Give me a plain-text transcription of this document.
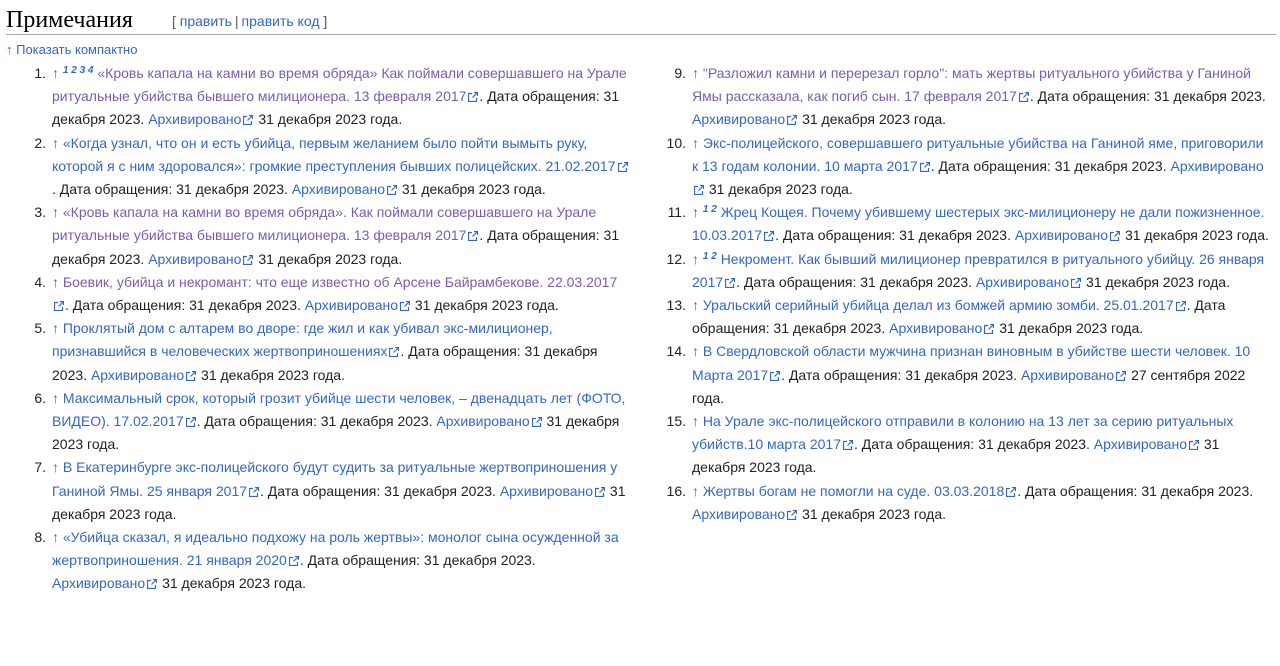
Примечания	[ править | править код ]
↑ Показать компактно
1. ↑ $^{1 2 3 4}$ «Кровь капала на камни во время обряда» Как поймали совершавшего на Урале ритуальные убийства бывшего милиционера. 13 февраля 2017 . Дата обращения: 31 декабря 2023. Архивировано 31 декабря 2023 года.
2. ↑ «Когда узнал, что он и есть убийца, первым желанием было пойти вымыть руку, которой я с ним здоровался»: громкие преступления бывших полицейских. 21.02.2017
. Дата обращения: 31 декабря 2023. Архивировано 31 декабря 2023 года.
3. ↑ «Кровь капала на камни во время обряда». Как поймали совершавшего на Урале ритуальные убийства бывшего милиционера. 13 февраля 2017 . Дата обращения: 31 декабря 2023. Архивировано 31 декабря 2023 года.
4. ↑ Боевик, убийца и некромант: что еще известно об Арсене Байрамбекове. 22.03.2017
. Дата обращения: 31 декабря 2023. Архивировано 31 декабря 2023 года.
5. ↑ Проклятый дом с алтарем во дворе: где жил и как убивал экс-милиционер, признавшийся в человеческих жертвоприношениях . Дата обращения: 31 декабря 2023. Архивировано 31 декабря 2023 года.
6. ↑ Максимальный срок, который грозит убийце шести человек, – двенадцать лет (ФОТО, ВИДЕО). 17.02.2017 . Дата обращения: 31 декабря 2023. Архивировано 31 декабря 2023 года.
7. ↑ В Екатеринбурге экс-полицейского будут судить за ритуальные жертвоприношения у Ганиной Ямы. 25 января 2017 . Дата обращения: 31 декабря 2023. Архивировано 31 декабря 2023 года.
8. ↑ «Убийца сказал, я идеально подхожу на роль жертвы»: монолог сына осужденной за жертвоприношения. 21 января 2020 . Дата обращения: 31 декабря 2023. Архивировано 31 декабря 2023 года.
9. ↑ "Разложил камни и перерезал горло": мать жертвы ритуального убийства у Ганиной Ямы рассказала, как погиб сын. 17 февраля 2017 . Дата обращения: 31 декабря 2023. Архивировано 31 декабря 2023 года.
10. ↑ Экс-полицейского, совершавшего ритуальные убийства на Ганиной яме, приговорили к 13 годам колонии. 10 марта 2017 . Дата обращения: 31 декабря 2023. Архивировано
31 декабря 2023 года.
11. ↑ $^{1 2}$ Жрец Кощея. Почему убившему шестерых экс-милиционеру не дали пожизненное. 10.03.2017 . Дата обращения: 31 декабря 2023. Архивировано 31 декабря 2023 года.
12. ↑ $^{1 2}$ Некромент. Как бывший милиционер превратился в ритуального убийцу. 26 января 2017 . Дата обращения: 31 декабря 2023. Архивировано 31 декабря 2023 года.
13. ↑ Уральский серийный убийца делал из бомжей армию зомби. 25.01.2017 . Дата обращения: 31 декабря 2023. Архивировано 31 декабря 2023 года.
14. ↑ В Свердловской области мужчина признан виновным в убийстве шести человек. 10 Марта 2017 . Дата обращения: 31 декабря 2023. Архивировано 27 сентября 2022 года.
15. ↑ На Урале экс-полицейского отправили в колонию на 13 лет за серию ритуальных убийств.10 марта 2017 . Дата обращения: 31 декабря 2023. Архивировано 31 декабря 2023 года.
16. ↑ Жертвы богам не помогли на суде. 03.03.2018 . Дата обращения: 31 декабря 2023. Архивировано 31 декабря 2023 года.
